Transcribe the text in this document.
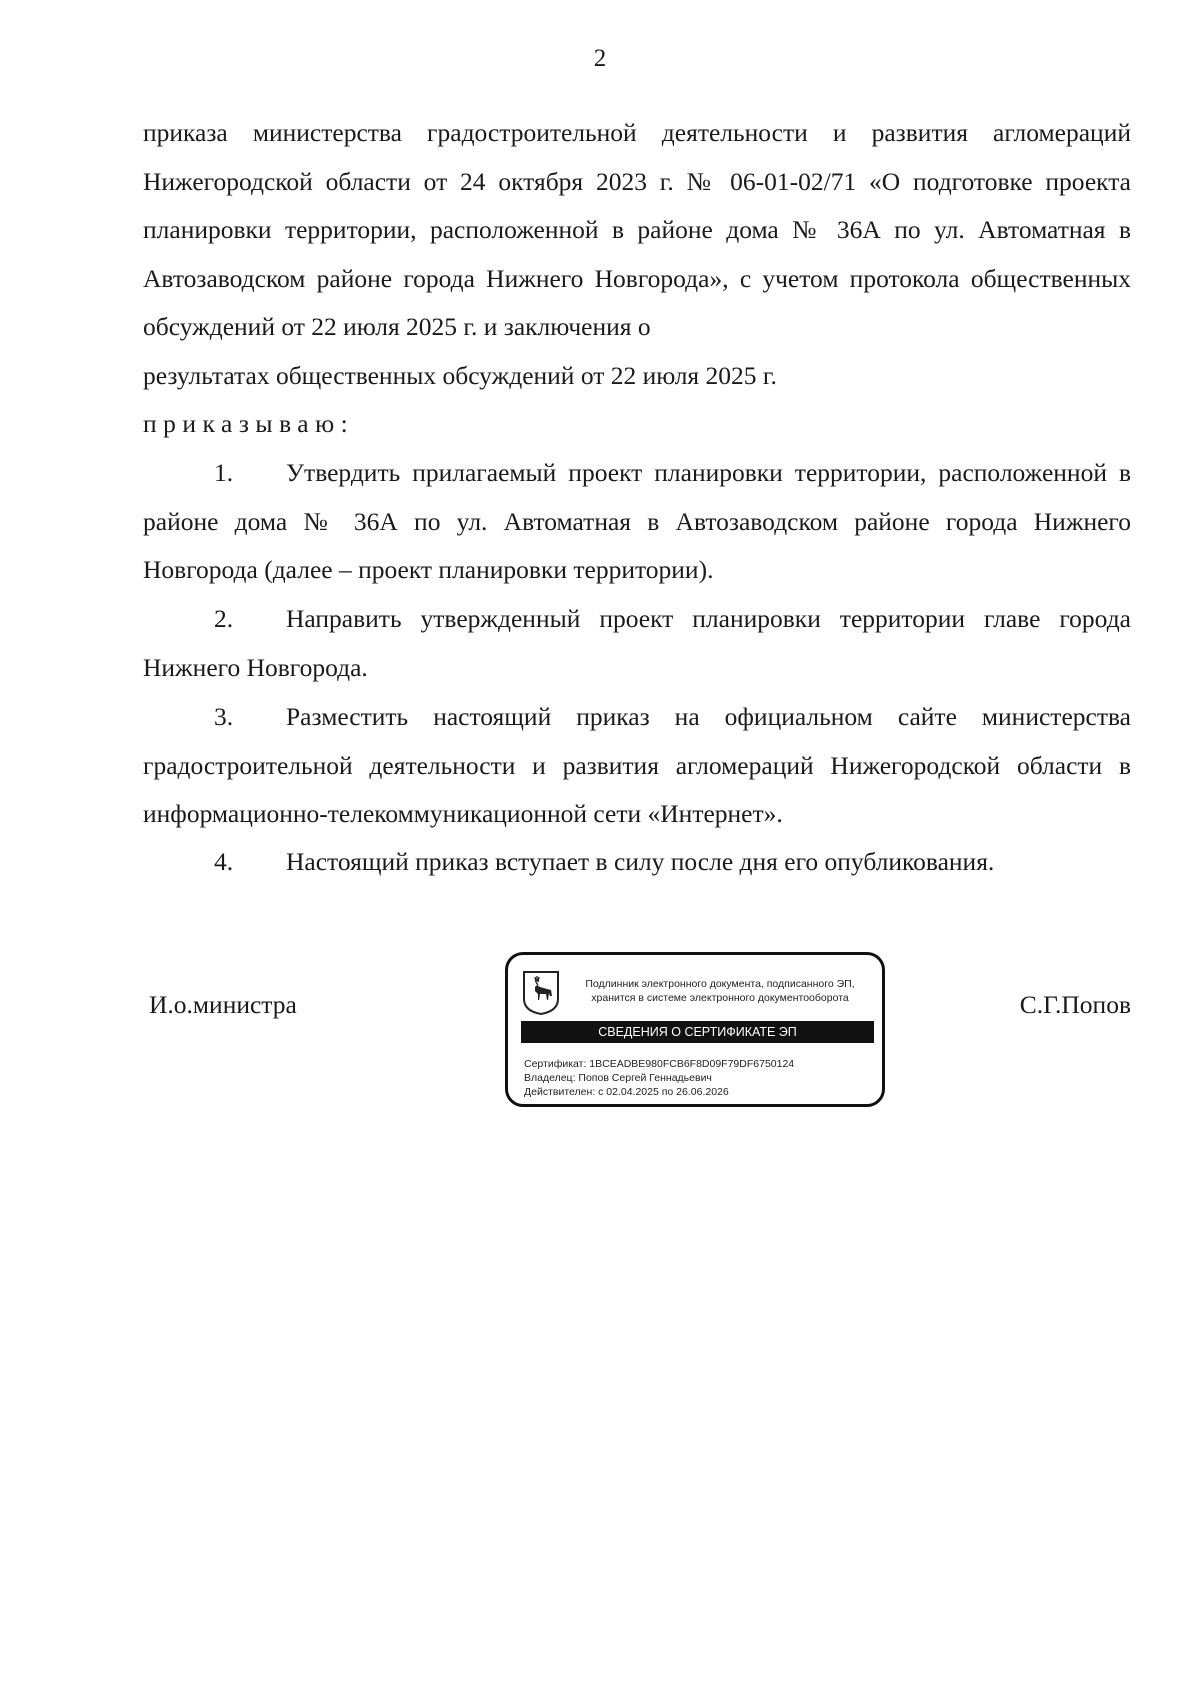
2

приказа министерства градостроительной деятельности и развития агломераций Нижегородской области от 24 октября 2023 г. № 06-01-02/71 «О подготовке проекта планировки территории, расположенной в районе дома № 36А по ул. Автоматная в Автозаводском районе города Нижнего Новгорода», с учетом протокола общественных обсуждений от 22 июля 2025 г. и заключения о

результатах общественных обсуждений от 22 июля 2025 г.

приказываю:

1. Утвердить прилагаемый проект планировки территории, расположенной в районе дома № 36А по ул. Автоматная в Автозаводском районе города Нижнего Новгорода (далее – проект планировки территории).

2. Направить утвержденный проект планировки территории главе города Нижнего Новгорода.

3. Разместить настоящий приказ на официальном сайте министерства градостроительной деятельности и развития агломераций Нижегородской области в информационно-телекоммуникационной сети «Интернет».

4. Настоящий приказ вступает в силу после дня его опубликования.

И.о.министра
Подлинник электронного документа, подписанного ЭП,
хранится в системе электронного документооборота
СВЕДЕНИЯ О СЕРТИФИКАТЕ ЭП
Сертификат: 1BCEADBE980FCB6F8D09F79DF6750124
Владелец: Попов Сергей Геннадьевич
Действителен: с 02.04.2025 по 26.06.2026
С.Г.Попов
